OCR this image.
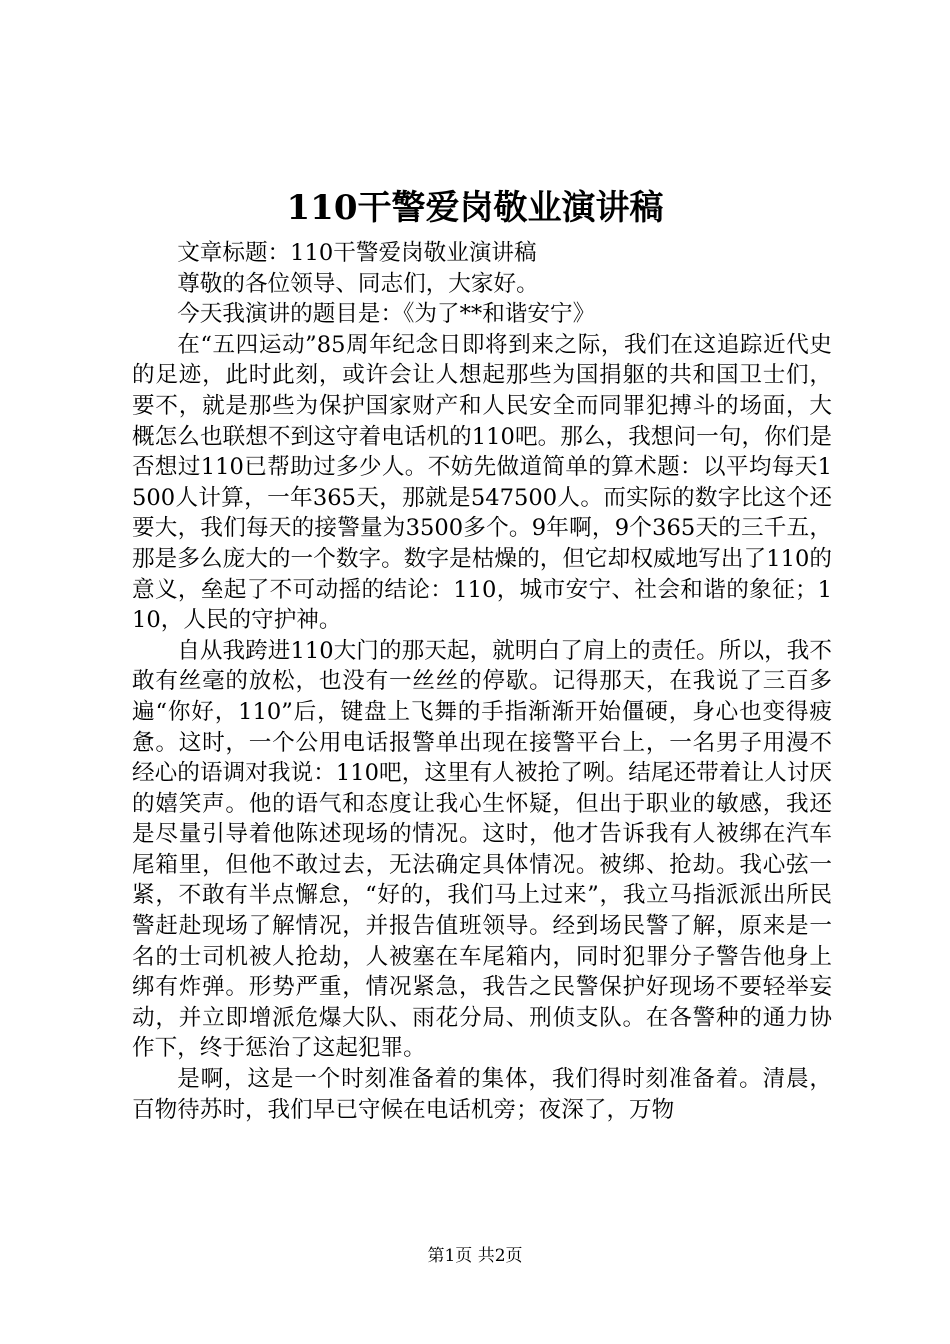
110干警爱岗敬业演讲稿

文章标题：110干警爱岗敬业演讲稿

尊敬的各位领导、同志们，大家好。

今天我演讲的题目是：《为了**和谐安宁》

在“五四运动”85周年纪念日即将到来之际，我们在这追踪近代史的足迹，此时此刻，或许会让人想起那些为国捐躯的共和国卫士们，要不，就是那些为保护国家财产和人民安全而同罪犯搏斗的场面，大概怎么也联想不到这守着电话机的110吧。那么，我想问一句，你们是否想过110已帮助过多少人。不妨先做道简单的算术题：以平均每天1500人计算，一年365天，那就是547500人。而实际的数字比这个还要大，我们每天的接警量为3500多个。9年啊，9个365天的三千五，那是多么庞大的一个数字。数字是枯燥的，但它却权威地写出了110的意义，垒起了不可动摇的结论：110，城市安宁、社会和谐的象征；110，人民的守护神。

自从我跨进110大门的那天起，就明白了肩上的责任。所以，我不敢有丝毫的放松，也没有一丝丝的停歇。记得那天，在我说了三百多遍“你好，110”后，键盘上飞舞的手指渐渐开始僵硬，身心也变得疲惫。这时，一个公用电话报警单出现在接警平台上，一名男子用漫不经心的语调对我说：110吧，这里有人被抢了咧。结尾还带着让人讨厌的嬉笑声。他的语气和态度让我心生怀疑，但出于职业的敏感，我还是尽量引导着他陈述现场的情况。这时，他才告诉我有人被绑在汽车尾箱里，但他不敢过去，无法确定具体情况。被绑、抢劫。我心弦一紧，不敢有半点懈怠，“好的，我们马上过来”，我立马指派派出所民警赶赴现场了解情况，并报告值班领导。经到场民警了解，原来是一名的士司机被人抢劫，人被塞在车尾箱内，同时犯罪分子警告他身上绑有炸弹。形势严重，情况紧急，我告之民警保护好现场不要轻举妄动，并立即增派危爆大队、雨花分局、刑侦支队。在各警种的通力协作下，终于惩治了这起犯罪。

是啊，这是一个时刻准备着的集体，我们得时刻准备着。清晨，百物待苏时，我们早已守候在电话机旁；夜深了，万物

第1页 共2页
